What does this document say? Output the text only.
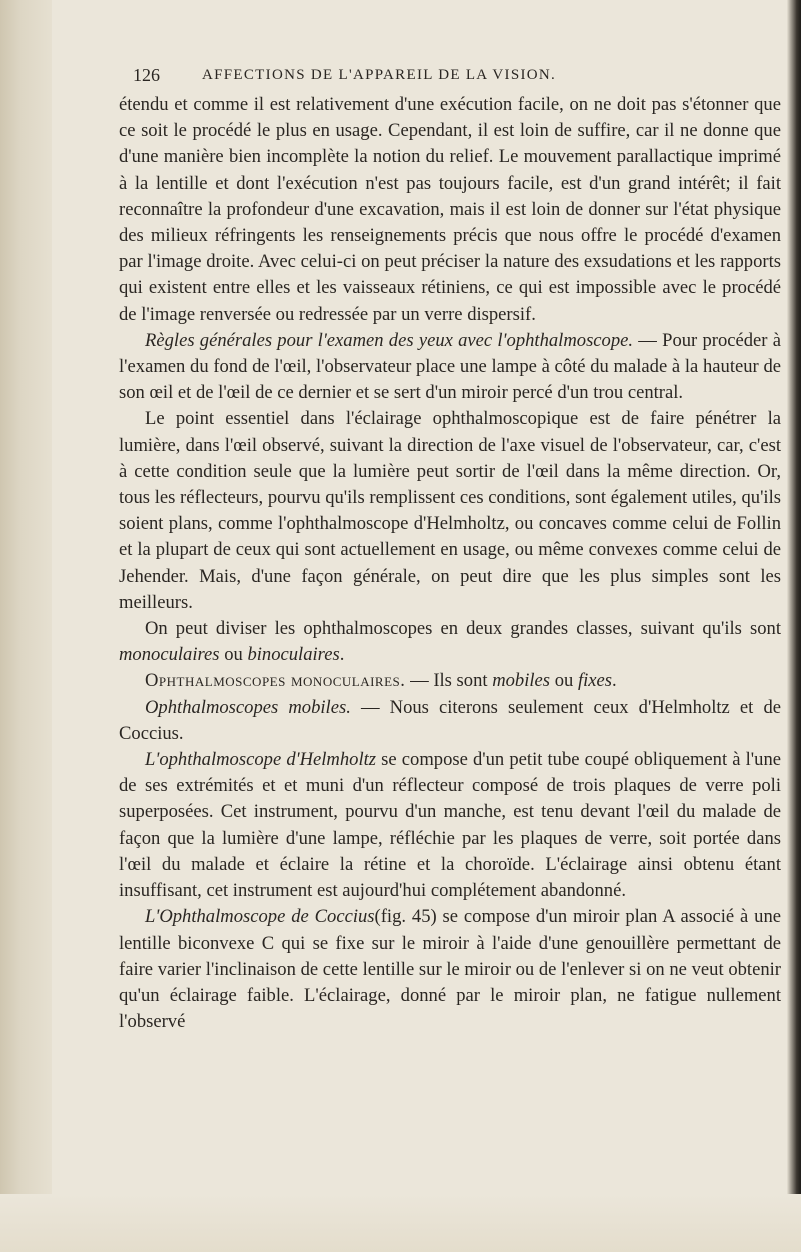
126	AFFECTIONS DE L'APPAREIL DE LA VISION.

étendu et comme il est relativement d'une exécution facile, on ne doit pas s'étonner que ce soit le procédé le plus en usage. Cependant, il est loin de suffire, car il ne donne que d'une manière bien incomplète la notion du relief. Le mouvement parallactique imprimé à la lentille et dont l'exécution n'est pas toujours facile, est d'un grand intérêt; il fait reconnaître la profondeur d'une excavation, mais il est loin de donner sur l'état physique des milieux réfringents les renseignements précis que nous offre le procédé d'examen par l'image droite. Avec celui-ci on peut préciser la nature des exsudations et les rapports qui existent entre elles et les vaisseaux rétiniens, ce qui est impossible avec le procédé de l'image renversée ou redressée par un verre dispersif.

Règles générales pour l'examen des yeux avec l'ophthalmoscope. — Pour procéder à l'examen du fond de l'œil, l'observateur place une lampe à côté du malade à la hauteur de son œil et de l'œil de ce dernier et se sert d'un miroir percé d'un trou central.

Le point essentiel dans l'éclairage ophthalmoscopique est de faire pénétrer la lumière, dans l'œil observé, suivant la direction de l'axe visuel de l'observateur, car, c'est à cette condition seule que la lumière peut sortir de l'œil dans la même direction. Or, tous les réflecteurs, pourvu qu'ils remplissent ces conditions, sont également utiles, qu'ils soient plans, comme l'ophthalmoscope d'Helmholtz, ou concaves comme celui de Follin et la plupart de ceux qui sont actuellement en usage, ou même convexes comme celui de Jehender. Mais, d'une façon générale, on peut dire que les plus simples sont les meilleurs.

On peut diviser les ophthalmoscopes en deux grandes classes, suivant qu'ils sont monoculaires ou binoculaires.

Ophthalmoscopes monoculaires. — Ils sont mobiles ou fixes.

Ophthalmoscopes mobiles. — Nous citerons seulement ceux d'Helmholtz et de Coccius.

L'ophthalmoscope d'Helmholtz se compose d'un petit tube coupé obliquement à l'une de ses extrémités et et muni d'un réflecteur composé de trois plaques de verre poli superposées. Cet instrument, pourvu d'un manche, est tenu devant l'œil du malade de façon que la lumière d'une lampe, réfléchie par les plaques de verre, soit portée dans l'œil du malade et éclaire la rétine et la choroïde. L'éclairage ainsi obtenu étant insuffisant, cet instrument est aujourd'hui complétement abandonné.

L'Ophthalmoscope de Coccius(fig. 45) se compose d'un miroir plan A associé à une lentille biconvexe C qui se fixe sur le miroir à l'aide d'une genouillère permettant de faire varier l'inclinaison de cette lentille sur le miroir ou de l'enlever si on ne veut obtenir qu'un éclairage faible. L'éclairage, donné par le miroir plan, ne fatigue nullement l'observé
